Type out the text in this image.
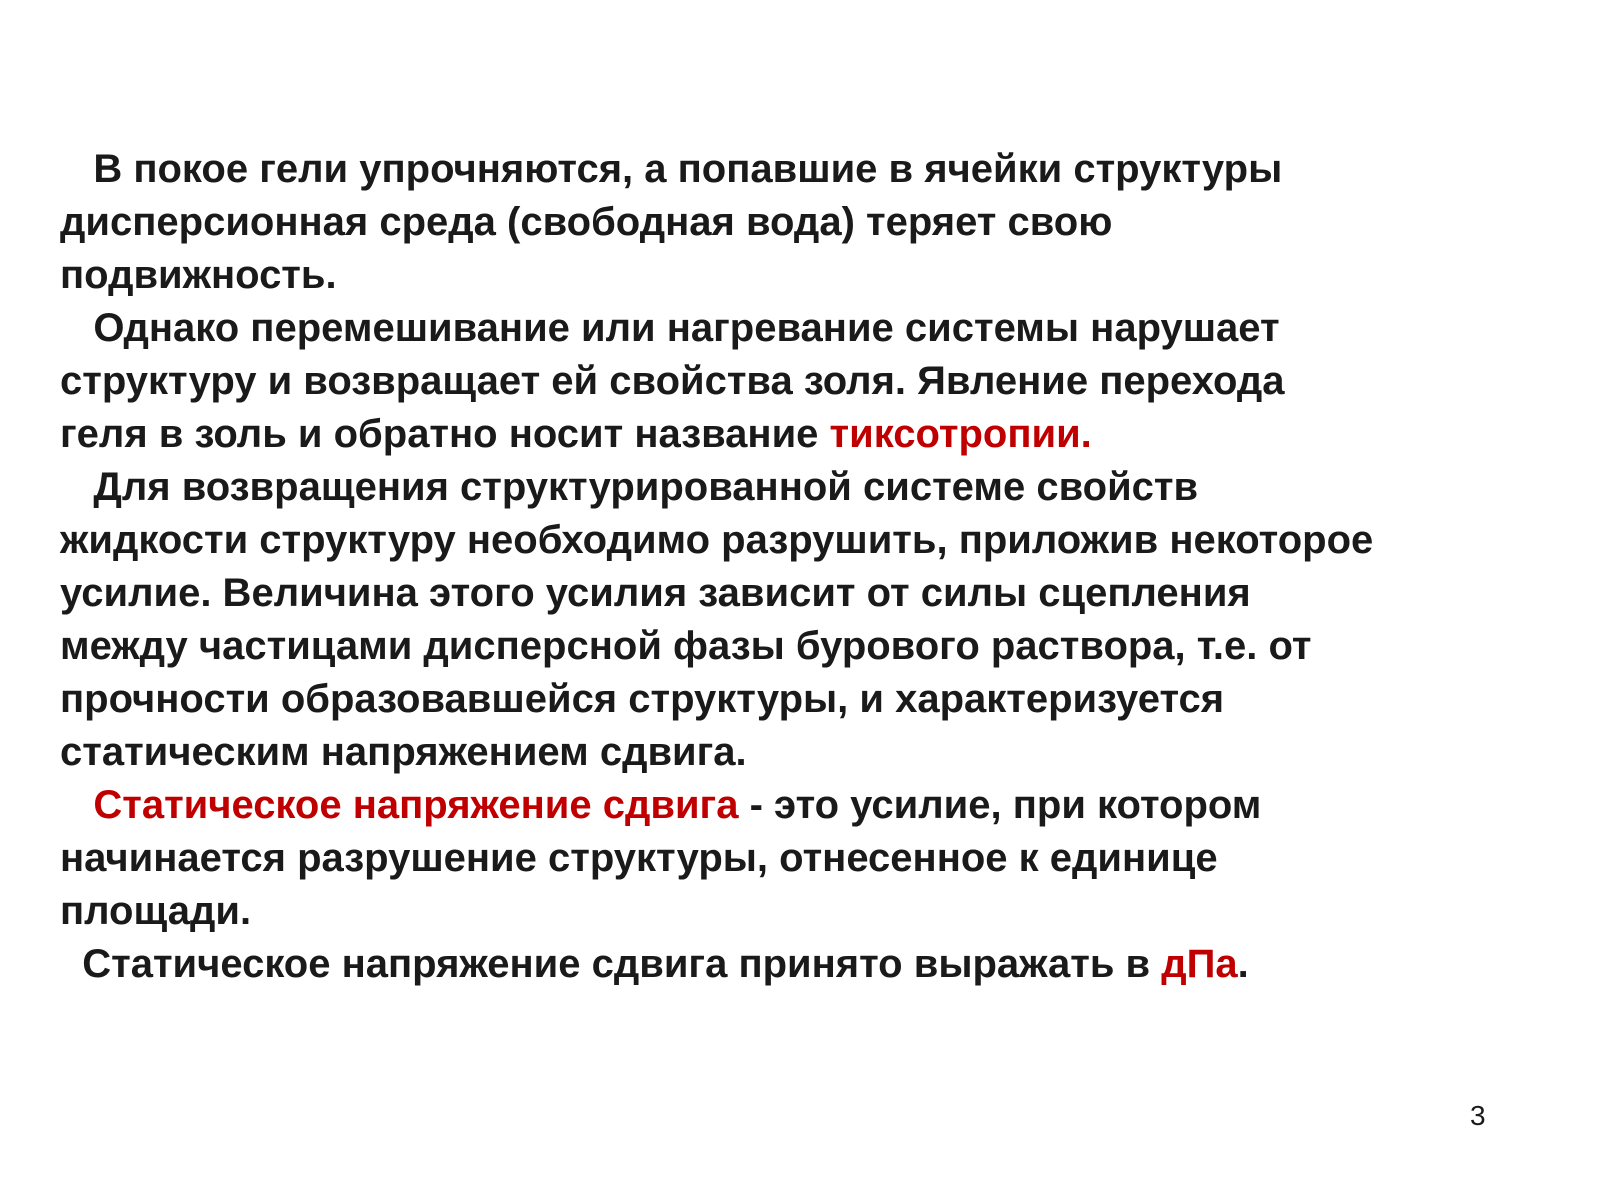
В покое гели упрочняются, а попавшие в ячейки структуры
дисперсионная среда (свободная вода) теряет свою
подвижность.
Однако перемешивание или нагревание системы нарушает
структуру и возвращает ей свойства золя. Явление перехода
геля в золь и обратно носит название тиксотропии.
Для возвращения структурированной системе свойств
жидкости структуру необходимо разрушить, приложив некоторое
усилие. Величина этого усилия зависит от силы сцепления
между частицами дисперсной фазы бурового раствора, т.е. от
прочности образовавшейся структуры, и характеризуется
статическим напряжением сдвига.
Статическое напряжение сдвига - это усилие, при котором
начинается разрушение структуры, отнесенное к единице
площади.
Статическое напряжение сдвига принято выражать в дПа.
3
